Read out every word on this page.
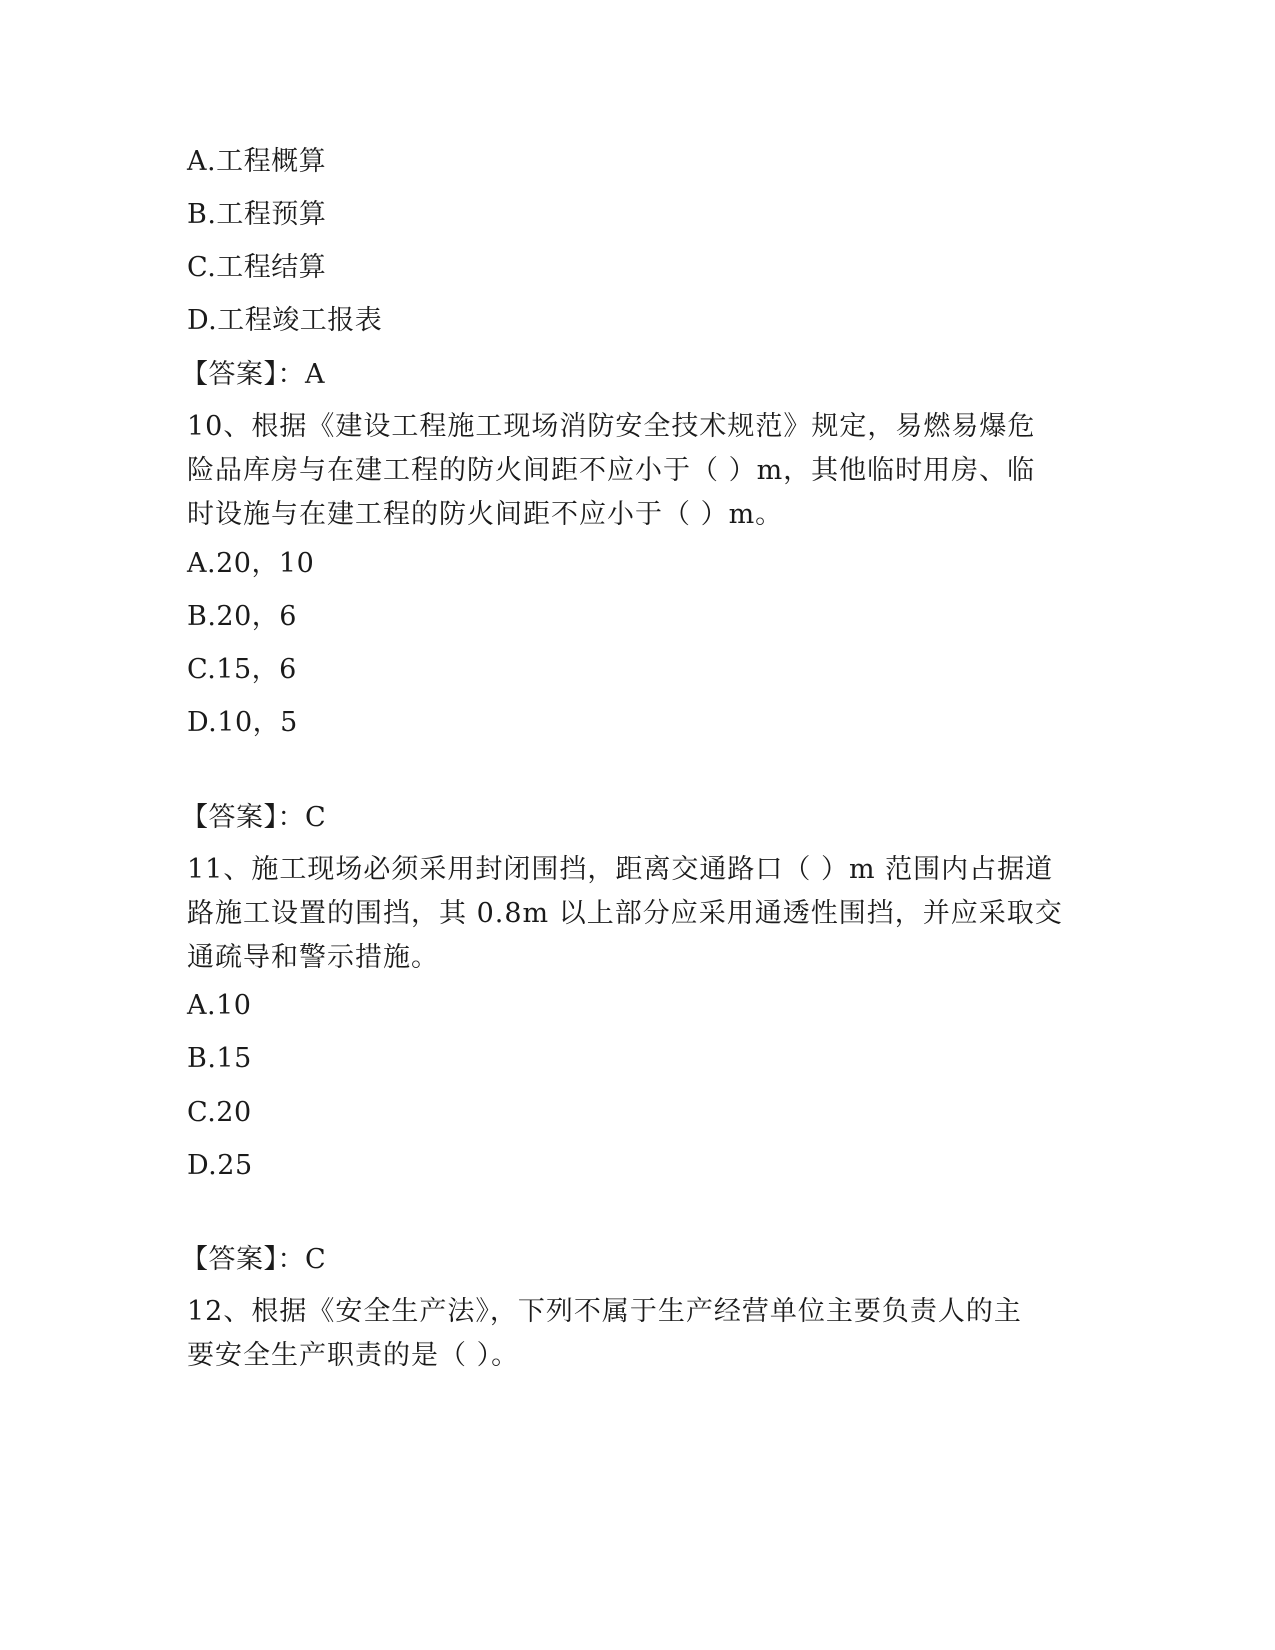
A.工程概算
B.工程预算
C.工程结算
D.工程竣工报表
【答案】：A
10、根据《建设工程施工现场消防安全技术规范》规定，易燃易爆危
险品库房与在建工程的防火间距不应小于（ ）m，其他临时用房、临
时设施与在建工程的防火间距不应小于（ ）m。
A.20，10
B.20，6
C.15，6
D.10，5
【答案】：C
11、施工现场必须采用封闭围挡，距离交通路口（ ）m 范围内占据道
路施工设置的围挡，其 0.8m 以上部分应采用通透性围挡，并应采取交
通疏导和警示措施。
A.10
B.15
C.20
D.25
【答案】：C
12、根据《安全生产法》，下列不属于生产经营单位主要负责人的主
要安全生产职责的是（ ）。
